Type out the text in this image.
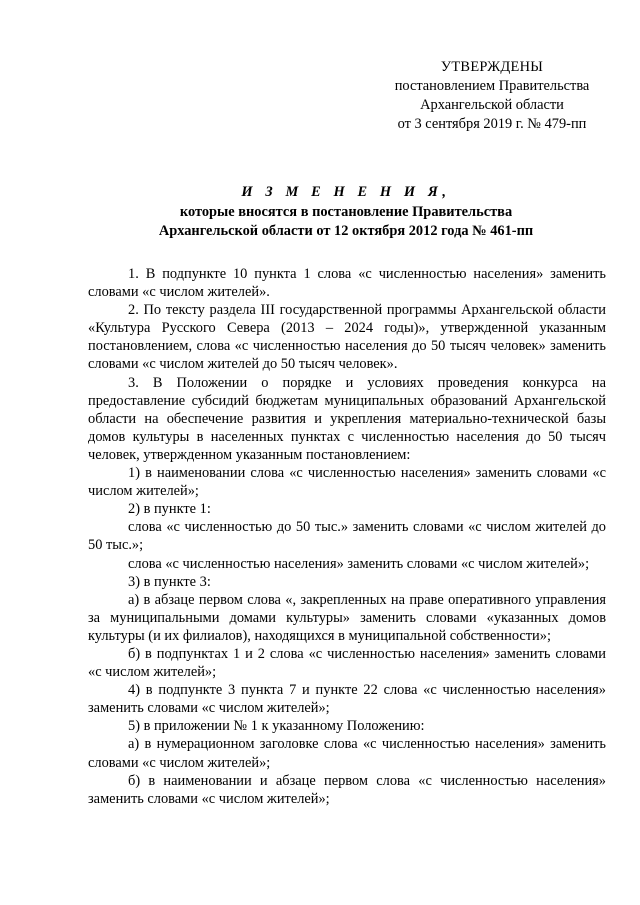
УТВЕРЖДЕНЫ
постановлением Правительства
Архангельской области
от 3 сентября 2019 г. № 479-пп
И З М Е Н Е Н И Я,
которые вносятся в постановление Правительства
Архангельской области от 12 октября 2012 года № 461-пп

1. В подпункте 10 пункта 1 слова «с численностью населения» заменить словами «с числом жителей».

2. По тексту раздела III государственной программы Архангельской области «Культура Русского Севера (2013 – 2024 годы)», утвержденной указанным постановлением, слова «с численностью населения до 50 тысяч человек» заменить словами «с числом жителей до 50 тысяч человек».

3. В Положении о порядке и условиях проведения конкурса на предоставление субсидий бюджетам муниципальных образований Архангельской области на обеспечение развития и укрепления материально-технической базы домов культуры в населенных пунктах с численностью населения до 50 тысяч человек, утвержденном указанным постановлением:

1) в наименовании слова «с численностью населения» заменить словами «с числом жителей»;

2) в пункте 1:

слова «с численностью до 50 тыс.» заменить словами «с числом жителей до 50 тыс.»;

слова «с численностью населения» заменить словами «с числом жителей»;

3) в пункте 3:

а) в абзаце первом слова «, закрепленных на праве оперативного управления за муниципальными домами культуры» заменить словами «указанных домов культуры (и их филиалов), находящихся в муниципальной собственности»;

б) в подпунктах 1 и 2 слова «с численностью населения» заменить словами «с числом жителей»;

4) в подпункте 3 пункта 7 и пункте 22 слова «с численностью населения» заменить словами «с числом жителей»;

5) в приложении № 1 к указанному Положению:

а) в нумерационном заголовке слова «с численностью населения» заменить словами «с числом жителей»;

б) в наименовании и абзаце первом слова «с численностью населения» заменить словами «с числом жителей»;
